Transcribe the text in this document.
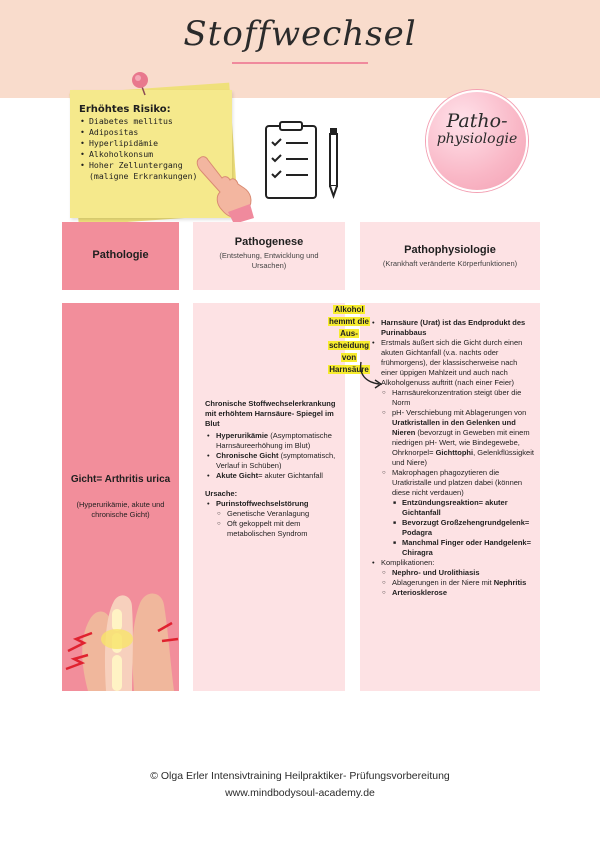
Stoffwechsel
Erhöhtes Risiko:
• Diabetes mellitus
• Adipositas
• Hyperlipidämie
• Alkoholkonsum
• Hoher Zelluntergang (maligne Erkrankungen)
Patho-
physiologie
Pathologie
Pathogenese
(Entstehung, Entwicklung und Ursachen)
Pathophysiologie
(Krankhaft veränderte Körperfunktionen)
Gicht= Arthritis urica
(Hyperurikämie, akute und chronische Gicht)
Chronische Stoffwechselerkrankung mit erhöhtem Harnsäure- Spiegel im Blut
• Hyperurikämie (Asymptomatische Harnsäureerhöhung im Blut)
• Chronische Gicht (symptomatisch, Verlauf in Schüben)
• Akute Gicht= akuter Gichtanfall
Ursache:
• Purinstoffwechselstörung
○ Genetische Veranlagung
○ Oft gekoppelt mit dem metabolischen Syndrom
• Harnsäure (Urat) ist das Endprodukt des Purinabbaus
• Erstmals äußert sich die Gicht durch einen akuten Gichtanfall (v.a. nachts oder frühmorgens), der klassischerweise nach einer üppigen Mahlzeit und auch nach Alkoholgenuss auftritt (nach einer Feier)
○ Harnsäurekonzentration steigt über die Norm
○ pH- Verschiebung mit Ablagerungen von Uratkristallen in den Gelenken und Nieren (bevorzugt in Geweben mit einem niedrigen pH- Wert, wie Bindegewebe, Ohrknorpel= Gichttophi, Gelenkflüssigkeit und Niere)
○ Makrophagen phagozytieren die Uratkristalle und platzen dabei (können diese nicht verdauen)
■ Entzündungsreaktion= akuter Gichtanfall
■ Bevorzugt Großzehengrundgelenk= Podagra
■ Manchmal Finger oder Handgelenk= Chiragra
• Komplikationen:
○ Nephro- und Urolithiasis
○ Ablagerungen in der Niere mit Nephritis
○ Arteriosklerose
Alkohol
hemmt die
Aus-
scheidung
von
Harnsäure
© Olga Erler Intensivtraining Heilpraktiker- Prüfungsvorbereitung
www.mindbodysoul-academy.de
